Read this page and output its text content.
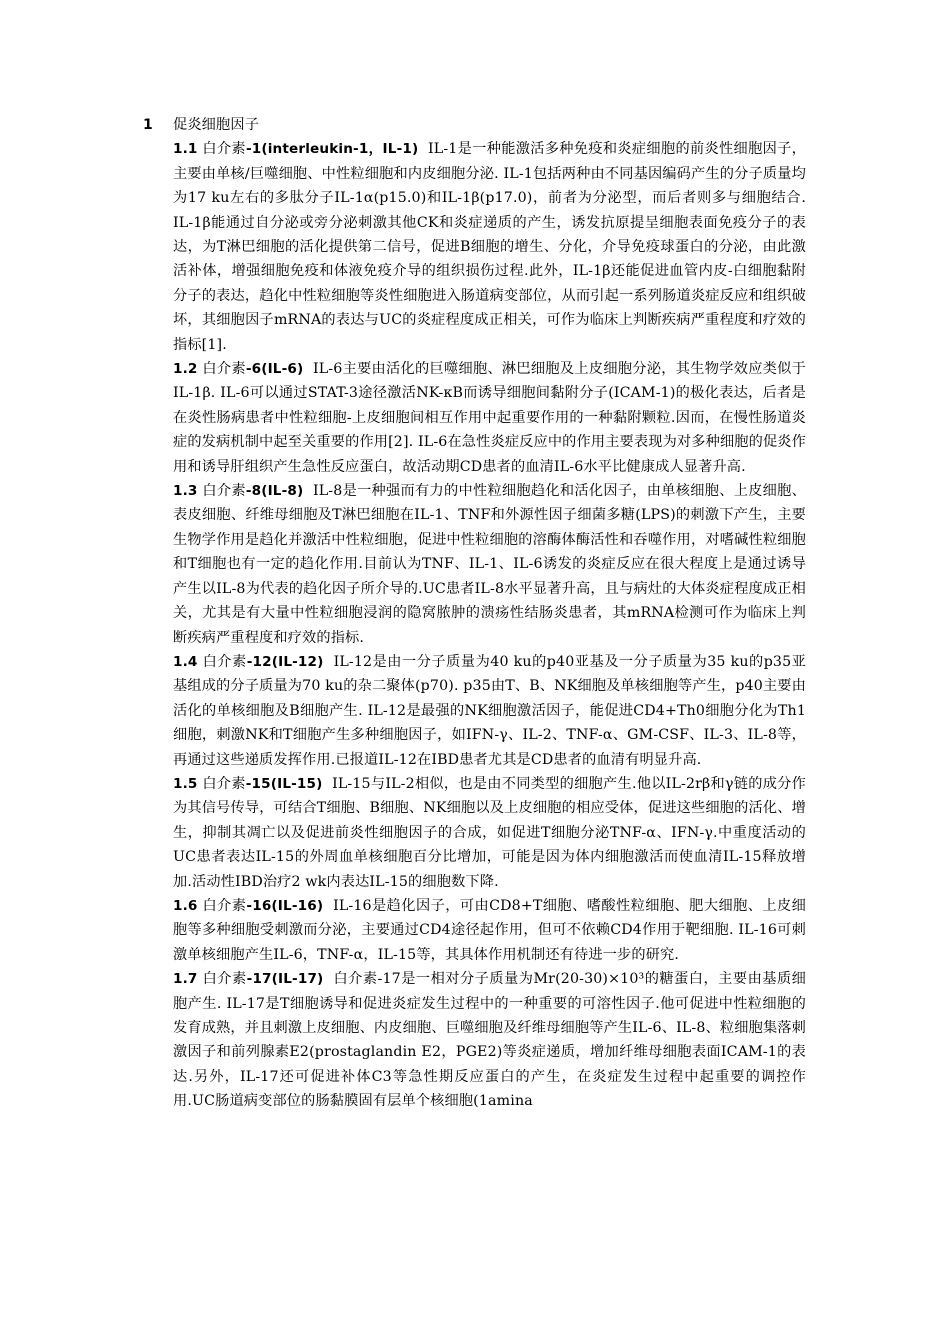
1 促炎细胞因子

1.1 白介素-1(interleukin-1，IL-1) IL-1是一种能激活多种免疫和炎症细胞的前炎性细胞因子，主要由单核/巨噬细胞、中性粒细胞和内皮细胞分泌. IL-1包括两种由不同基因编码产生的分子质量均为17 ku左右的多肽分子IL-1α(p15.0)和IL-1β(p17.0)，前者为分泌型，而后者则多与细胞结合. IL-1β能通过自分泌或旁分泌刺激其他CK和炎症递质的产生，诱发抗原提呈细胞表面免疫分子的表达，为T淋巴细胞的活化提供第二信号，促进B细胞的增生、分化，介导免疫球蛋白的分泌，由此激活补体，增强细胞免疫和体液免疫介导的组织损伤过程.此外，IL-1β还能促进血管内皮-白细胞黏附分子的表达，趋化中性粒细胞等炎性细胞进入肠道病变部位，从而引起一系列肠道炎症反应和组织破坏，其细胞因子mRNA的表达与UC的炎症程度成正相关，可作为临床上判断疾病严重程度和疗效的指标[1].

1.2 白介素-6(IL-6) IL-6主要由活化的巨噬细胞、淋巴细胞及上皮细胞分泌，其生物学效应类似于IL-1β. IL-6可以通过STAT-3途径激活NK-κB而诱导细胞间黏附分子(ICAM-1)的极化表达，后者是在炎性肠病患者中性粒细胞-上皮细胞间相互作用中起重要作用的一种黏附颗粒.因而，在慢性肠道炎症的发病机制中起至关重要的作用[2]. IL-6在急性炎症反应中的作用主要表现为对多种细胞的促炎作用和诱导肝组织产生急性反应蛋白，故活动期CD患者的血清IL-6水平比健康成人显著升高.

1.3 白介素-8(IL-8) IL-8是一种强而有力的中性粒细胞趋化和活化因子，由单核细胞、上皮细胞、表皮细胞、纤维母细胞及T淋巴细胞在IL-1、TNF和外源性因子细菌多糖(LPS)的刺激下产生，主要生物学作用是趋化并激活中性粒细胞，促进中性粒细胞的溶酶体酶活性和吞噬作用，对嗜碱性粒细胞和T细胞也有一定的趋化作用.目前认为TNF、IL-1、IL-6诱发的炎症反应在很大程度上是通过诱导产生以IL-8为代表的趋化因子所介导的.UC患者IL-8水平显著升高，且与病灶的大体炎症程度成正相关，尤其是有大量中性粒细胞浸润的隐窝脓肿的溃疡性结肠炎患者，其mRNA检测可作为临床上判断疾病严重程度和疗效的指标.

1.4 白介素-12(IL-12) IL-12是由一分子质量为40 ku的p40亚基及一分子质量为35 ku的p35亚基组成的分子质量为70 ku的杂二聚体(p70). p35由T、B、NK细胞及单核细胞等产生，p40主要由活化的单核细胞及B细胞产生. IL-12是最强的NK细胞激活因子，能促进CD4+Th0细胞分化为Th1细胞，刺激NK和T细胞产生多种细胞因子，如IFN-γ、IL-2、TNF-α、GM-CSF、IL-3、IL-8等，再通过这些递质发挥作用.已报道IL-12在IBD患者尤其是CD患者的血清有明显升高.

1.5 白介素-15(IL-15) IL-15与IL-2相似，也是由不同类型的细胞产生.他以IL-2rβ和γ链的成分作为其信号传导，可结合T细胞、B细胞、NK细胞以及上皮细胞的相应受体，促进这些细胞的活化、增生，抑制其凋亡以及促进前炎性细胞因子的合成，如促进T细胞分泌TNF-α、IFN-γ.中重度活动的UC患者表达IL-15的外周血单核细胞百分比增加，可能是因为体内细胞激活而使血清IL-15释放增加.活动性IBD治疗2 wk内表达IL-15的细胞数下降.

1.6 白介素-16(IL-16) IL-16是趋化因子，可由CD8+T细胞、嗜酸性粒细胞、肥大细胞、上皮细胞等多种细胞受刺激而分泌，主要通过CD4途径起作用，但可不依赖CD4作用于靶细胞. IL-16可刺激单核细胞产生IL-6，TNF-α，IL-15等，其具体作用机制还有待进一步的研究.

1.7 白介素-17(IL-17) 白介素-17是一相对分子质量为Mr(20-30)×10³的糖蛋白，主要由基质细胞产生. IL-17是T细胞诱导和促进炎症发生过程中的一种重要的可溶性因子.他可促进中性粒细胞的发育成熟，并且刺激上皮细胞、内皮细胞、巨噬细胞及纤维母细胞等产生IL-6、IL-8、粒细胞集落刺激因子和前列腺素E2(prostaglandin E2，PGE2)等炎症递质，增加纤维母细胞表面ICAM-1的表达.另外，IL-17还可促进补体C3等急性期反应蛋白的产生，在炎症发生过程中起重要的调控作用.UC肠道病变部位的肠黏膜固有层单个核细胞(1amina
